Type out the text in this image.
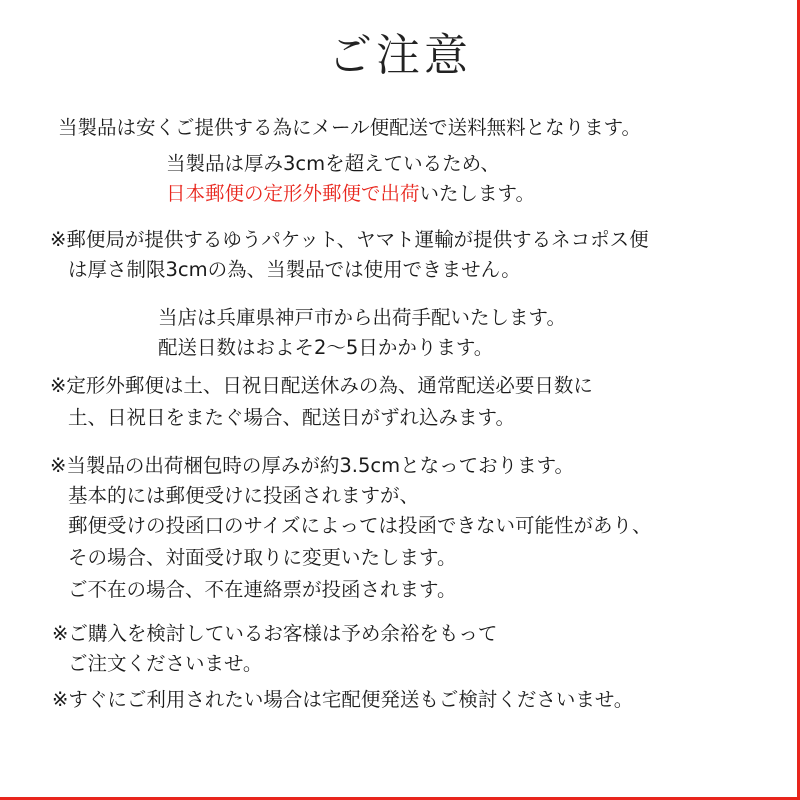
ご注意
当製品は安くご提供する為にメール便配送で送料無料となります。
当製品は厚み3cmを超えているため、
日本郵便の定形外郵便で出荷いたします。
※郵便局が提供するゆうパケット、ヤマト運輸が提供するネコポス便
は厚さ制限3cmの為、当製品では使用できません。
当店は兵庫県神戸市から出荷手配いたします。
配送日数はおよそ2〜5日かかります。
※定形外郵便は土、日祝日配送休みの為、通常配送必要日数に
土、日祝日をまたぐ場合、配送日がずれ込みます。
※当製品の出荷梱包時の厚みが約3.5cmとなっております。
基本的には郵便受けに投函されますが、
郵便受けの投函口のサイズによっては投函できない可能性があり、
その場合、対面受け取りに変更いたします。
ご不在の場合、不在連絡票が投函されます。
※ご購入を検討しているお客様は予め余裕をもって
ご注文くださいませ。
※すぐにご利用されたい場合は宅配便発送もご検討くださいませ。
